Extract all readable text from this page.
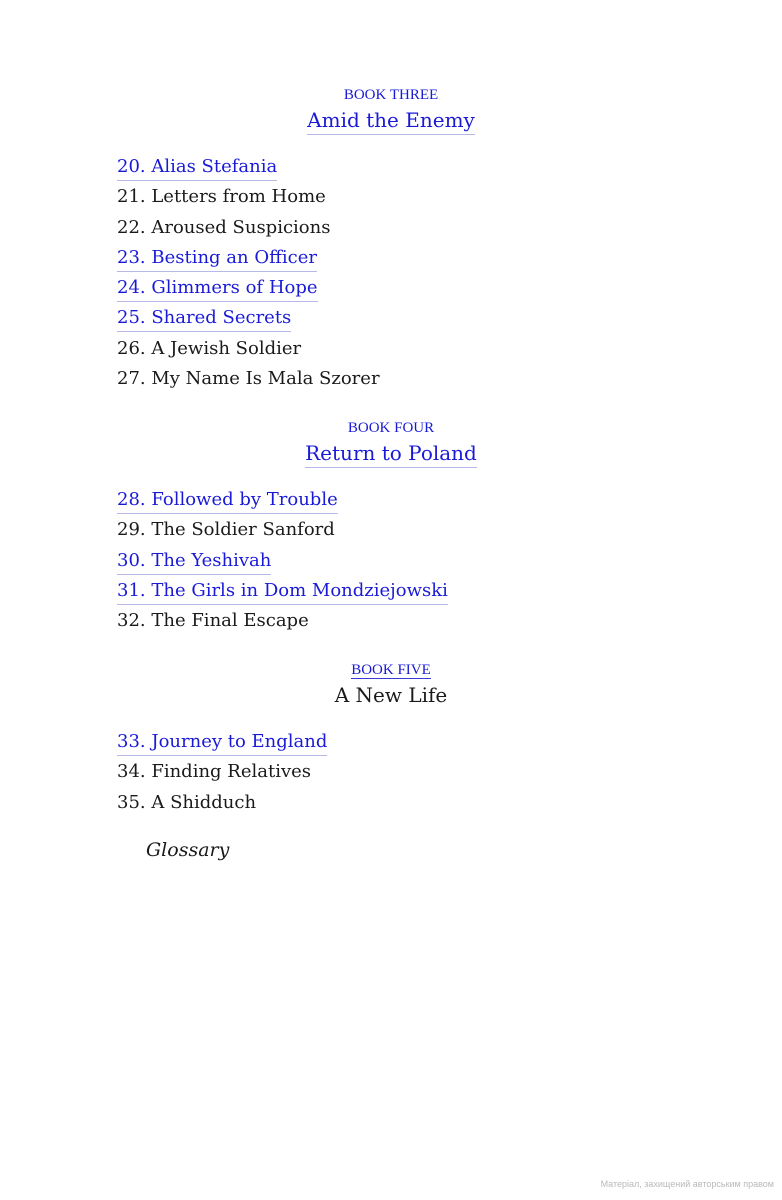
BOOK THREE
Amid the Enemy
20. Alias Stefania
21. Letters from Home
22. Aroused Suspicions
23. Besting an Officer
24. Glimmers of Hope
25. Shared Secrets
26. A Jewish Soldier
27. My Name Is Mala Szorer
BOOK FOUR
Return to Poland
28. Followed by Trouble
29. The Soldier Sanford
30. The Yeshivah
31. The Girls in Dom Mondziejowski
32. The Final Escape
BOOK FIVE
A New Life
33. Journey to England
34. Finding Relatives
35. A Shidduch
Glossary
Матеріал, захищений авторським правом
